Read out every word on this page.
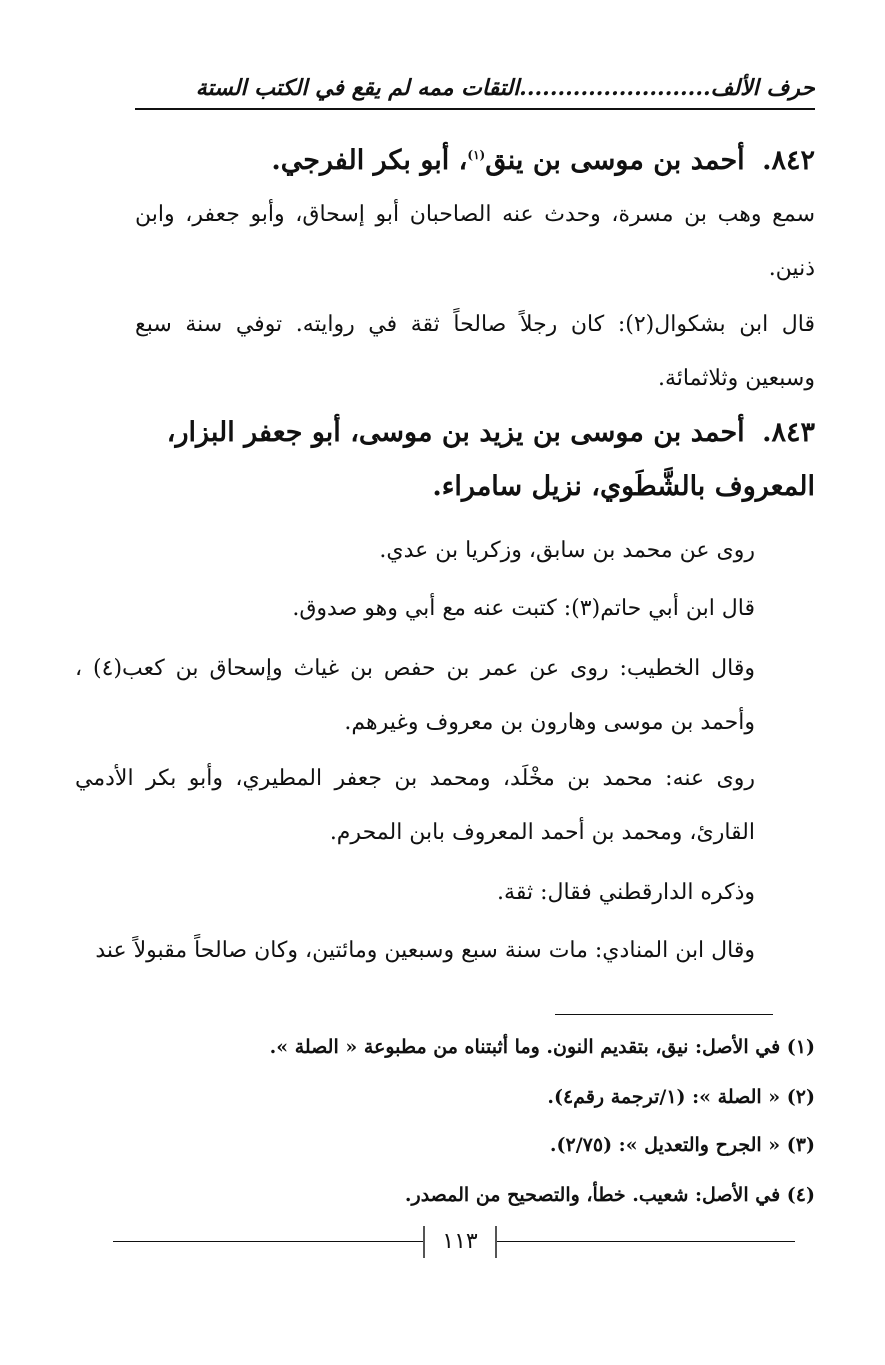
حرف الألف.........................التقات ممه لم يقع في الكتب الستة
٨٤٢. أحمد بن موسى بن ينق$^{(١)}$، أبو بكر الفرجي.
سمع وهب بن مسرة، وحدث عنه الصاحبان أبو إسحاق، وأبو جعفر، وابن ذنين.
قال ابن بشكوال(٢): كان رجلاً صالحاً ثقة في روايته. توفي سنة سبع وسبعين وثلاثمائة.
٨٤٣. أحمد بن موسى بن يزيد بن موسى، أبو جعفر البزار، المعروف بالشَّطَوي، نزيل سامراء.
روى عن محمد بن سابق، وزكريا بن عدي.
قال ابن أبي حاتم(٣): كتبت عنه مع أبي وهو صدوق.
وقال الخطيب: روى عن عمر بن حفص بن غياث وإسحاق بن كعب(٤) ، وأحمد بن موسى وهارون بن معروف وغيرهم.
روى عنه: محمد بن مخْلَد، ومحمد بن جعفر المطيري، وأبو بكر الأدمي القارئ، ومحمد بن أحمد المعروف بابن المحرم.
وذكره الدارقطني فقال: ثقة.
وقال ابن المنادي: مات سنة سبع وسبعين ومائتين، وكان صالحاً مقبولاً عند
(١) في الأصل: نيق، بتقديم النون. وما أثبتناه من مطبوعة « الصلة ».
(٢) « الصلة »: (١/ترجمة رقم٤).
(٣) « الجرح والتعديل »: (٢/٧٥).
(٤) في الأصل: شعيب. خطأ، والتصحيح من المصدر.
١١٣
